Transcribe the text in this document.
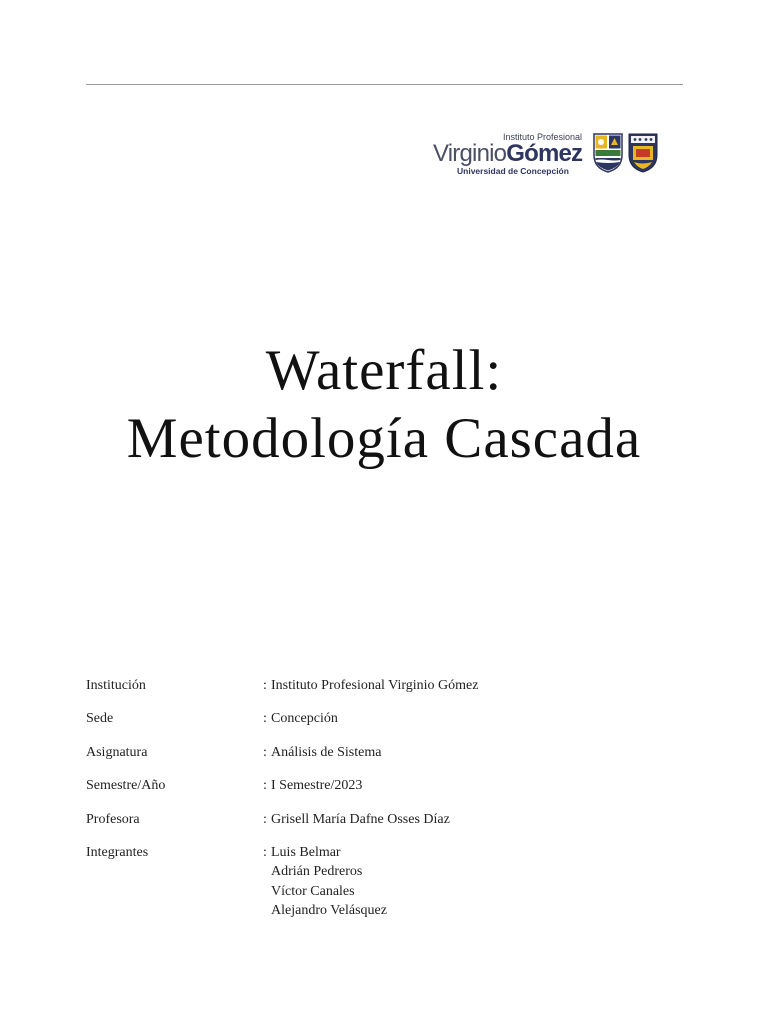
Instituto Profesional
VirginioGómez
Universidad de Concepción
Waterfall:
Metodología Cascada
Institución	: Instituto Profesional Virginio Gómez
Sede	: Concepción
Asignatura	: Análisis de Sistema
Semestre/Año	: I Semestre/2023
Profesora	: Grisell María Dafne Osses Díaz
Integrantes	: Luis Belmar
Adrián Pedreros
Víctor Canales
Alejandro Velásquez
